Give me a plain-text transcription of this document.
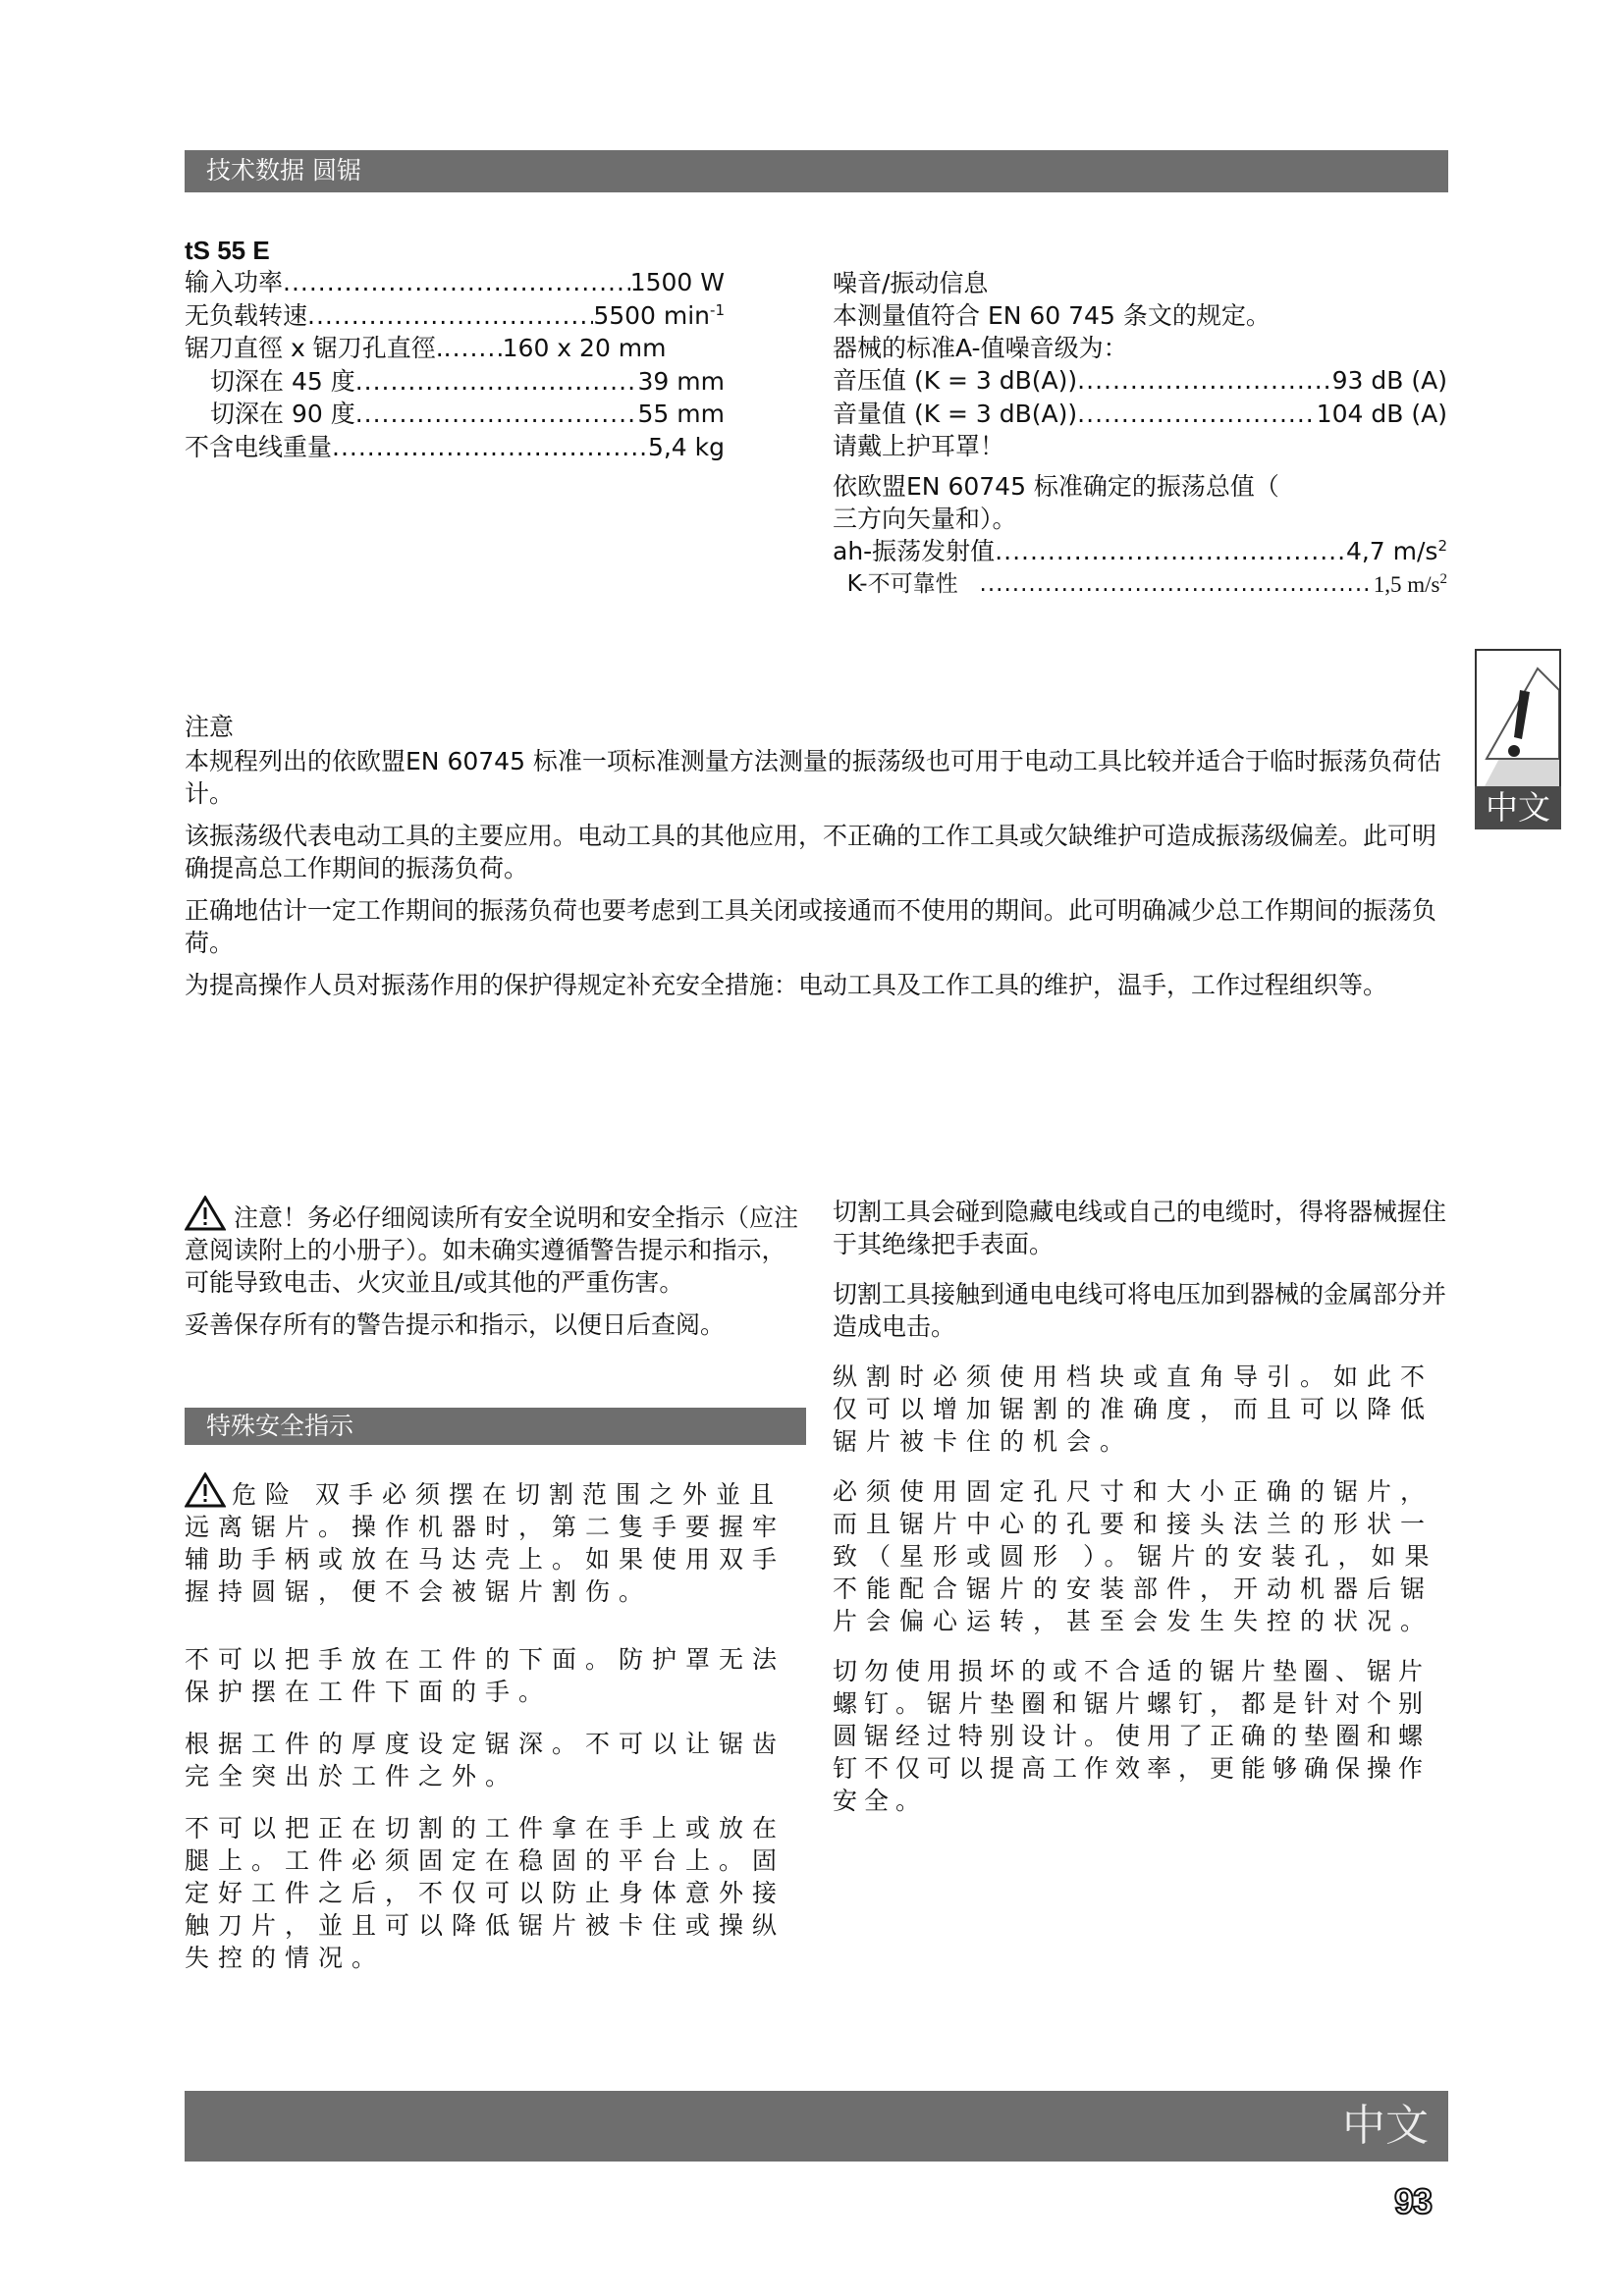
技术数据 圆锯
tS 55 E
输入功率 .....	1500 W
无负载转速 .....	5500 $\min^{-1}$
锯刀直徑 x 锯刀孔直徑. ..... 160 x 20 mm
切深在 45 度 .....	39 mm
切深在 90 度 .....	55 mm
不含电线重量 .....	5,4 kg
噪音/振动信息
本测量值符合 EN 60 745 条文的规定。
器械的标准A-值噪音级为：
音压值 (K = 3 dB(A)) .....	93 dB (A)
音量值 (K = 3 dB(A)) .....	104 dB (A)
请戴上护耳罩！
依欧盟EN 60745 标准确定的振荡总值（
三方向矢量和）。
ah-振荡发射值 .....	4,7 $m/s^2$
K-不可靠性 .....	1,5 $m/s^2$
中文
注意

本规程列出的依欧盟EN 60745 标准一项标准测量方法测量的振荡级也可用于电动工具比较并适合于临时振荡负荷估计。

该振荡级代表电动工具的主要应用。电动工具的其他应用，不正确的工作工具或欠缺维护可造成振荡级偏差。此可明确提高总工作期间的振荡负荷。

正确地估计一定工作期间的振荡负荷也要考虑到工具关闭或接通而不使用的期间。此可明确减少总工作期间的振荡负荷。

为提高操作人员对振荡作用的保护得规定补充安全措施：电动工具及工作工具的维护，温手，工作过程组织等。

注意！务必仔细阅读所有安全说明和安全指示（应注意阅读附上的小册子）。如未确实遵循警告提示和指示，可能导致电击、火灾並且/或其他的严重伤害。

妥善保存所有的警告提示和指示，以便日后查阅。

特殊安全指示

危险 双手必须摆在切割范围之外並且远离锯片。操作机器时，第二隻手要握牢辅助手柄或放在马达壳上。如果使用双手握持圆锯，便不会被锯片割伤。

不可以把手放在工件的下面。防护罩无法保护摆在工件下面的手。

根据工件的厚度设定锯深。不可以让锯齿完全突出於工件之外。

不可以把正在切割的工件拿在手上或放在腿上。工件必须固定在稳固的平台上。固定好工件之后，不仅可以防止身体意外接触刀片，並且可以降低锯片被卡住或操纵失控的情况。

切割工具会碰到隐藏电线或自己的电缆时，得将器械握住于其绝缘把手表面。

切割工具接触到通电电线可将电压加到器械的金属部分并造成电击。

纵割时必须使用档块或直角导引。如此不仅可以增加锯割的准确度，而且可以降低锯片被卡住的机会。

必须使用固定孔尺寸和大小正确的锯片，而且锯片中心的孔要和接头法兰的形状一致（星形或圆形 ）。锯片的安装孔，如果不能配合锯片的安装部件，开动机器后锯片会偏心运转，甚至会发生失控的状况。

切勿使用损坏的或不合适的锯片垫圈、锯片螺钉。锯片垫圈和锯片螺钉，都是针对个别圆锯经过特别设计。使用了正确的垫圈和螺钉不仅可以提高工作效率，更能够确保操作安全。

中文
93
